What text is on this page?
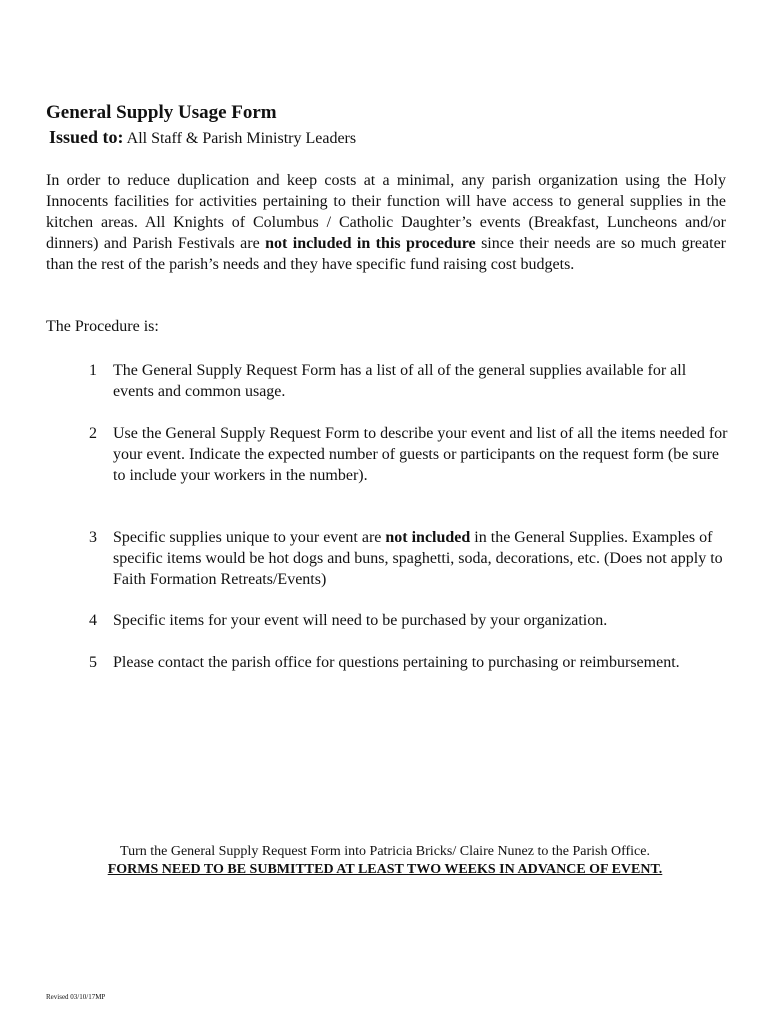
General Supply Usage Form
Issued to: All Staff & Parish Ministry Leaders

In order to reduce duplication and keep costs at a minimal, any parish organization using the Holy Innocents facilities for activities pertaining to their function will have access to general supplies in the kitchen areas. All Knights of Columbus / Catholic Daughter’s events (Breakfast, Luncheons and/or dinners) and Parish Festivals are not included in this procedure since their needs are so much greater than the rest of the parish’s needs and they have specific fund raising cost budgets.

The Procedure is:

1 The General Supply Request Form has a list of all of the general supplies available for all events and common usage.
2 Use the General Supply Request Form to describe your event and list of all the items needed for your event. Indicate the expected number of guests or participants on the request form (be sure to include your workers in the number).
3 Specific supplies unique to your event are not included in the General Supplies. Examples of specific items would be hot dogs and buns, spaghetti, soda, decorations, etc. (Does not apply to Faith Formation Retreats/Events)
4 Specific items for your event will need to be purchased by your organization.
5 Please contact the parish office for questions pertaining to purchasing or reimbursement.
Turn the General Supply Request Form into Patricia Bricks/ Claire Nunez to the Parish Office.
FORMS NEED TO BE SUBMITTED AT LEAST TWO WEEKS IN ADVANCE OF EVENT.
Revised 03/10/17MP
